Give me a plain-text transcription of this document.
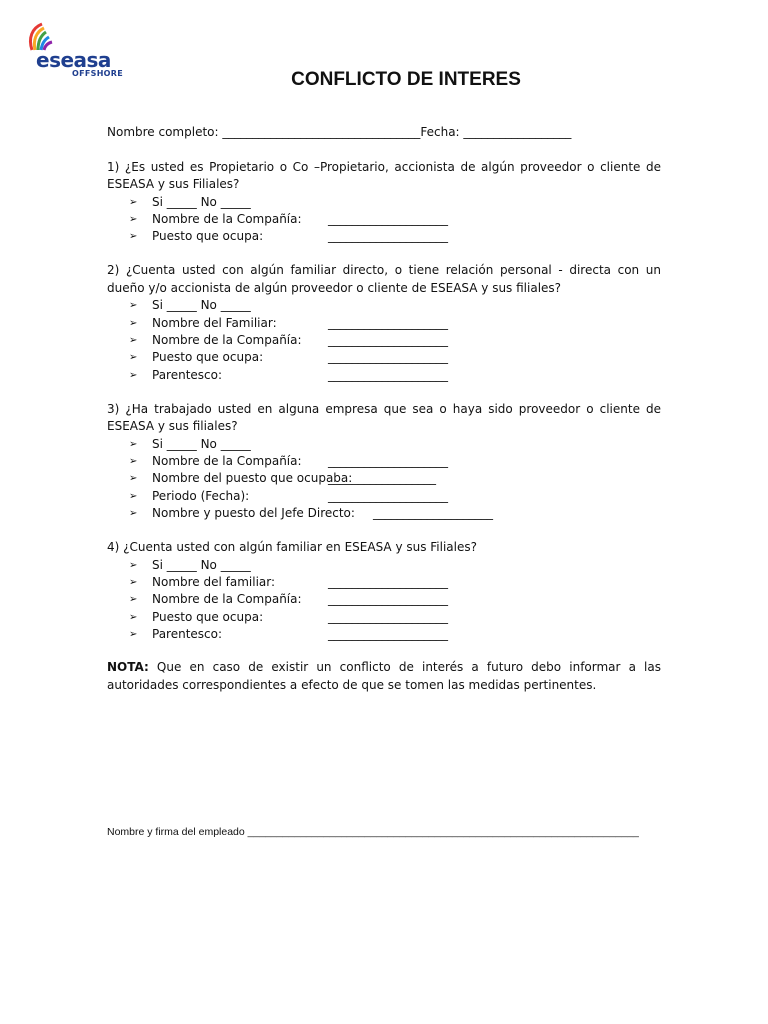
eseasa
OFFSHORE	CONFLICTO DE INTERES
Nombre completo: _________________________________Fecha: __________________

1) ¿Es usted es Propietario o Co –Propietario, accionista de algún proveedor o cliente de ESEASA y sus Filiales?

➢	Si _____ No _____
➢	Nombre de la Compañía: ____________________
➢	Puesto que ocupa:	____________________

2) ¿Cuenta usted con algún familiar directo, o tiene relación personal - directa con un dueño y/o accionista de algún proveedor o cliente de ESEASA y sus filiales?

➢	Si _____ No _____
➢	Nombre del Familiar:	____________________
➢	Nombre de la Compañía: ____________________
➢	Puesto que ocupa:	____________________
➢	Parentesco:	____________________

3) ¿Ha trabajado usted en alguna empresa que sea o haya sido proveedor o cliente de ESEASA y sus filiales?

➢	Si _____ No _____
➢	Nombre de la Compañía: ____________________
➢	Nombre del puesto que ocupaba:
__________________
➢	Periodo (Fecha):	____________________
➢	Nombre y puesto del Jefe Directo: ____________________

4) ¿Cuenta usted con algún familiar en ESEASA y sus Filiales?

➢	Si _____ No _____
➢	Nombre del familiar:	____________________
➢	Nombre de la Compañía: ____________________
➢	Puesto que ocupa:	____________________
➢	Parentesco:	____________________
NOTA: Que en caso de existir un conflicto de interés a futuro debo informar a las autoridades correspondientes a efecto de que se tomen las medidas pertinentes.
Nombre y firma del empleado ___________________________________________________________________
